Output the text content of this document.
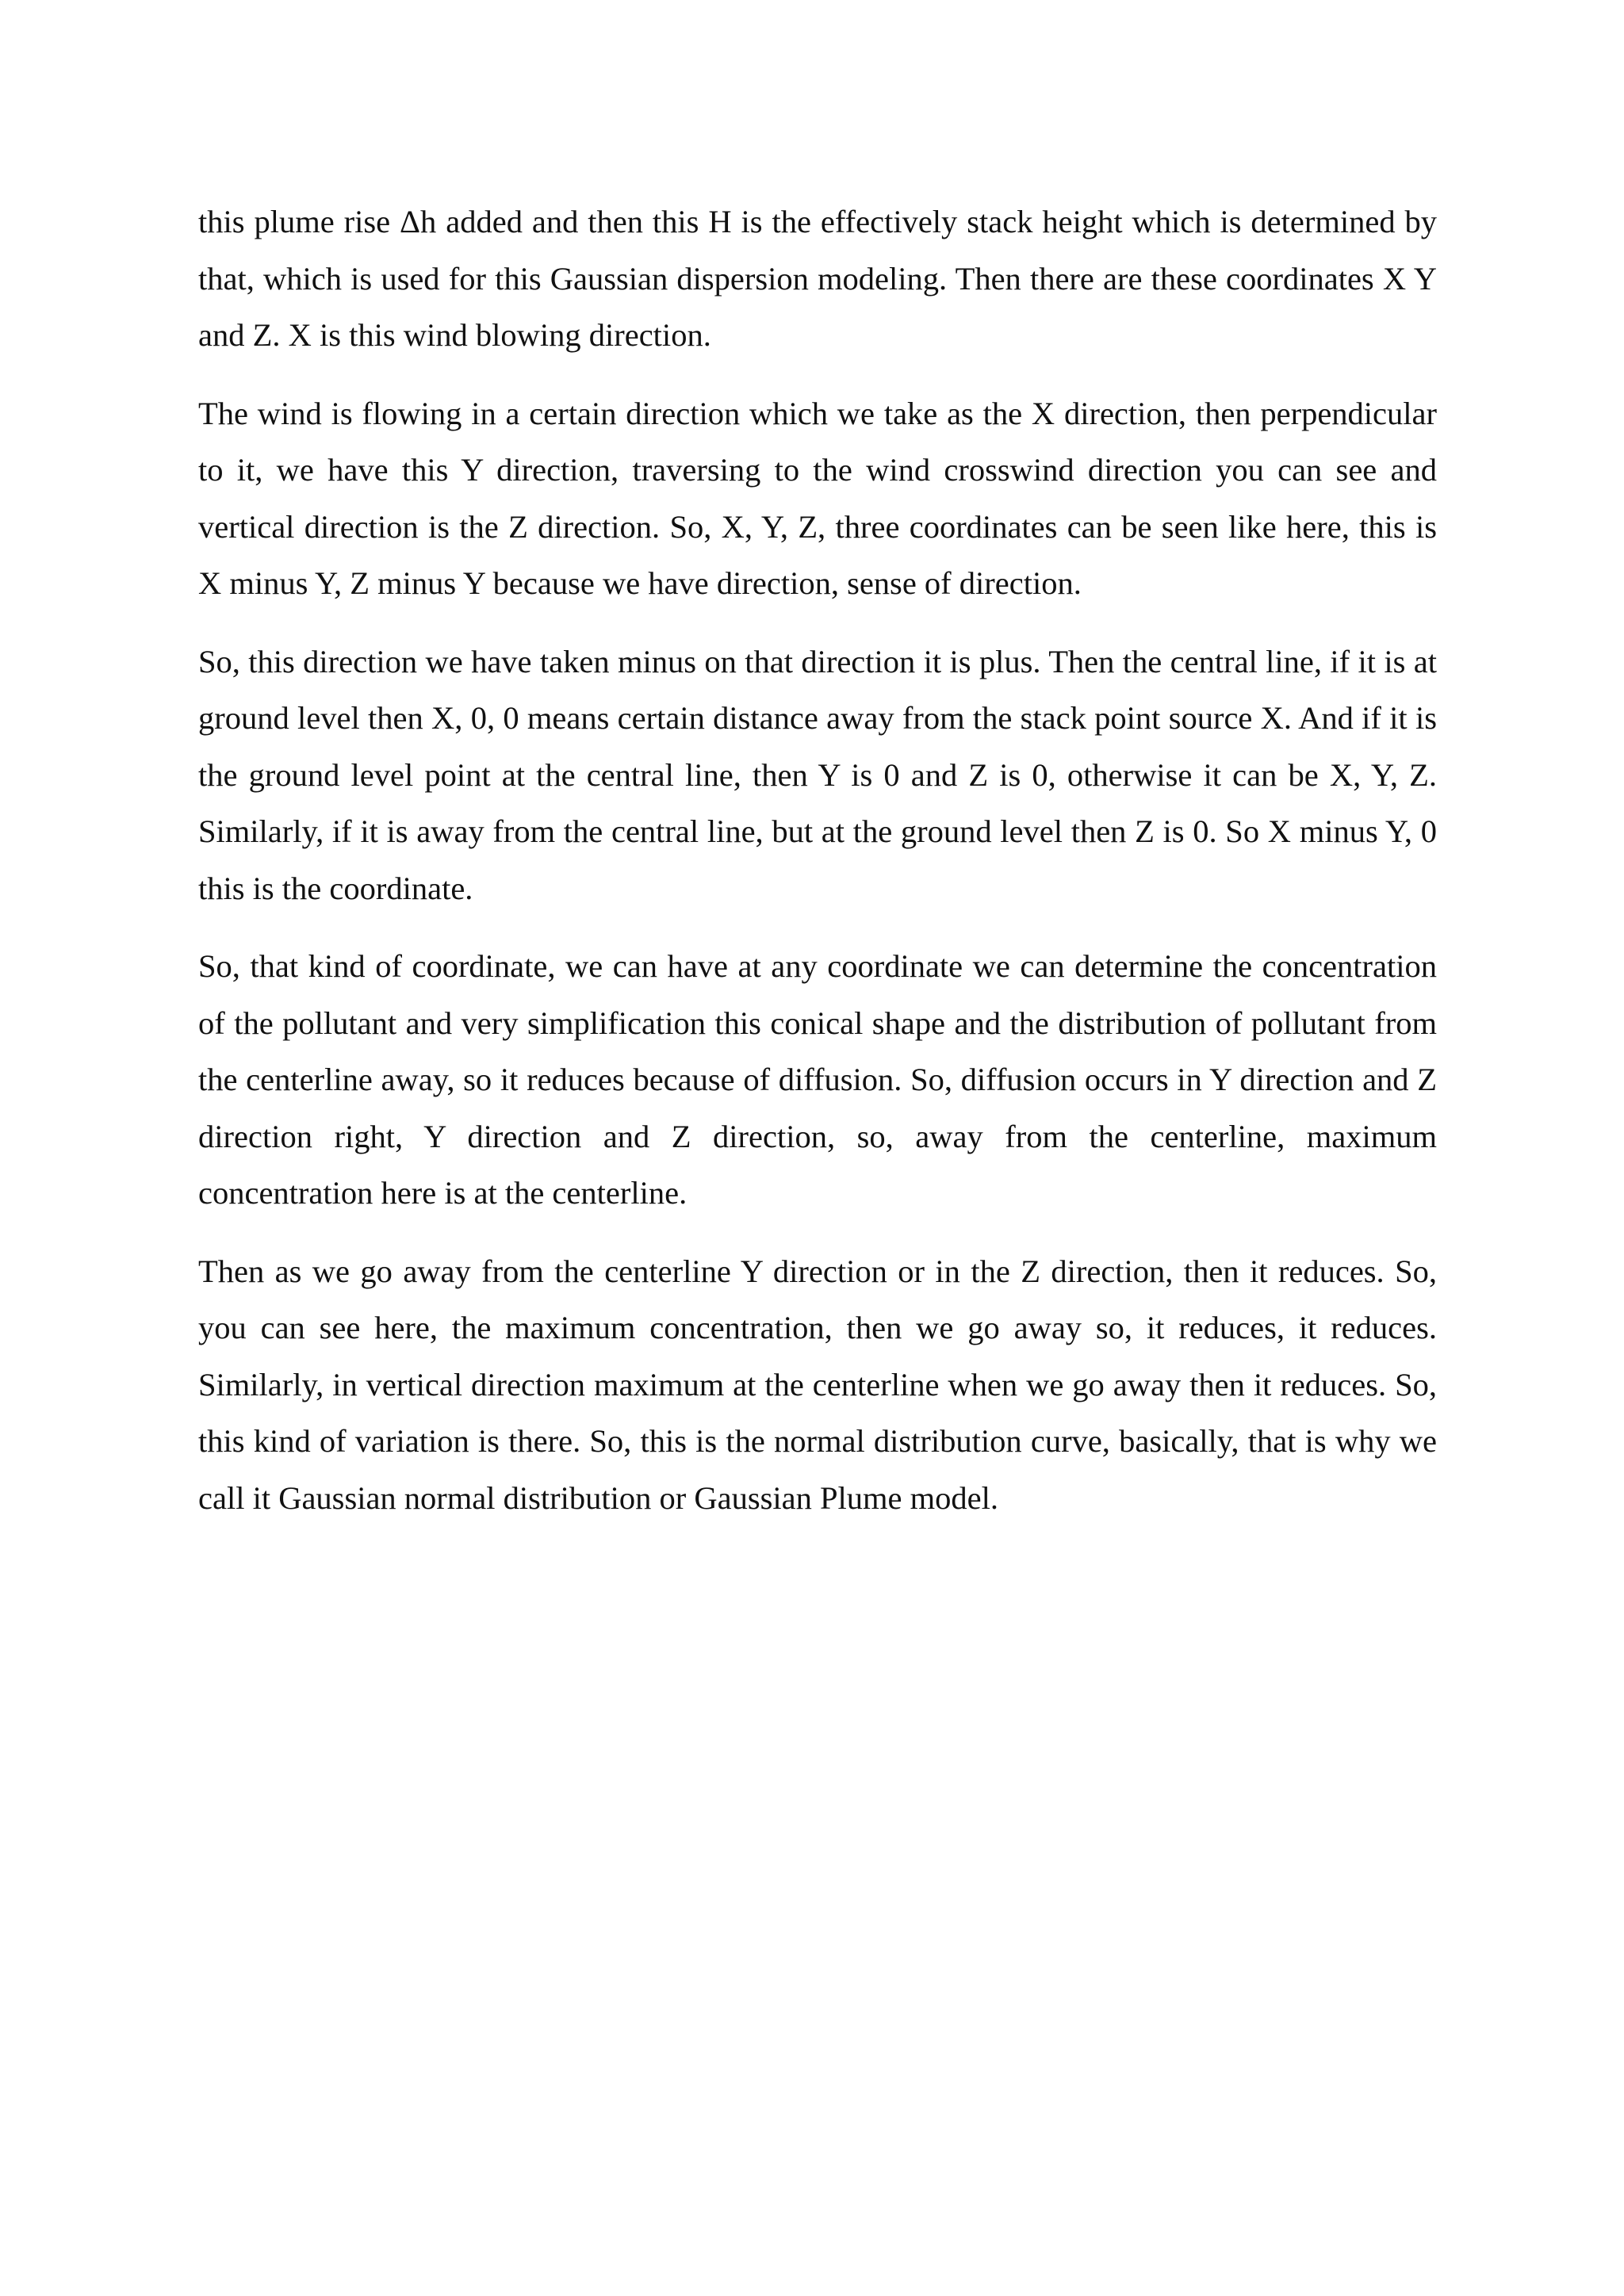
this plume rise Δh added and then this H is the effectively stack height which is determined by that, which is used for this Gaussian dispersion modeling. Then there are these coordinates X Y and Z. X is this wind blowing direction.

The wind is flowing in a certain direction which we take as the X direction, then perpendicular to it, we have this Y direction, traversing to the wind crosswind direction you can see and vertical direction is the Z direction. So, X, Y, Z, three coordinates can be seen like here, this is X minus Y, Z minus Y because we have direction, sense of direction.

So, this direction we have taken minus on that direction it is plus. Then the central line, if it is at ground level then X, 0, 0 means certain distance away from the stack point source X. And if it is the ground level point at the central line, then Y is 0 and Z is 0, otherwise it can be X, Y, Z. Similarly, if it is away from the central line, but at the ground level then Z is 0. So X minus Y, 0 this is the coordinate.

So, that kind of coordinate, we can have at any coordinate we can determine the concentration of the pollutant and very simplification this conical shape and the distribution of pollutant from the centerline away, so it reduces because of diffusion. So, diffusion occurs in Y direction and Z direction right, Y direction and Z direction, so, away from the centerline, maximum concentration here is at the centerline.

Then as we go away from the centerline Y direction or in the Z direction, then it reduces. So, you can see here, the maximum concentration, then we go away so, it reduces, it reduces. Similarly, in vertical direction maximum at the centerline when we go away then it reduces. So, this kind of variation is there. So, this is the normal distribution curve, basically, that is why we call it Gaussian normal distribution or Gaussian Plume model.
